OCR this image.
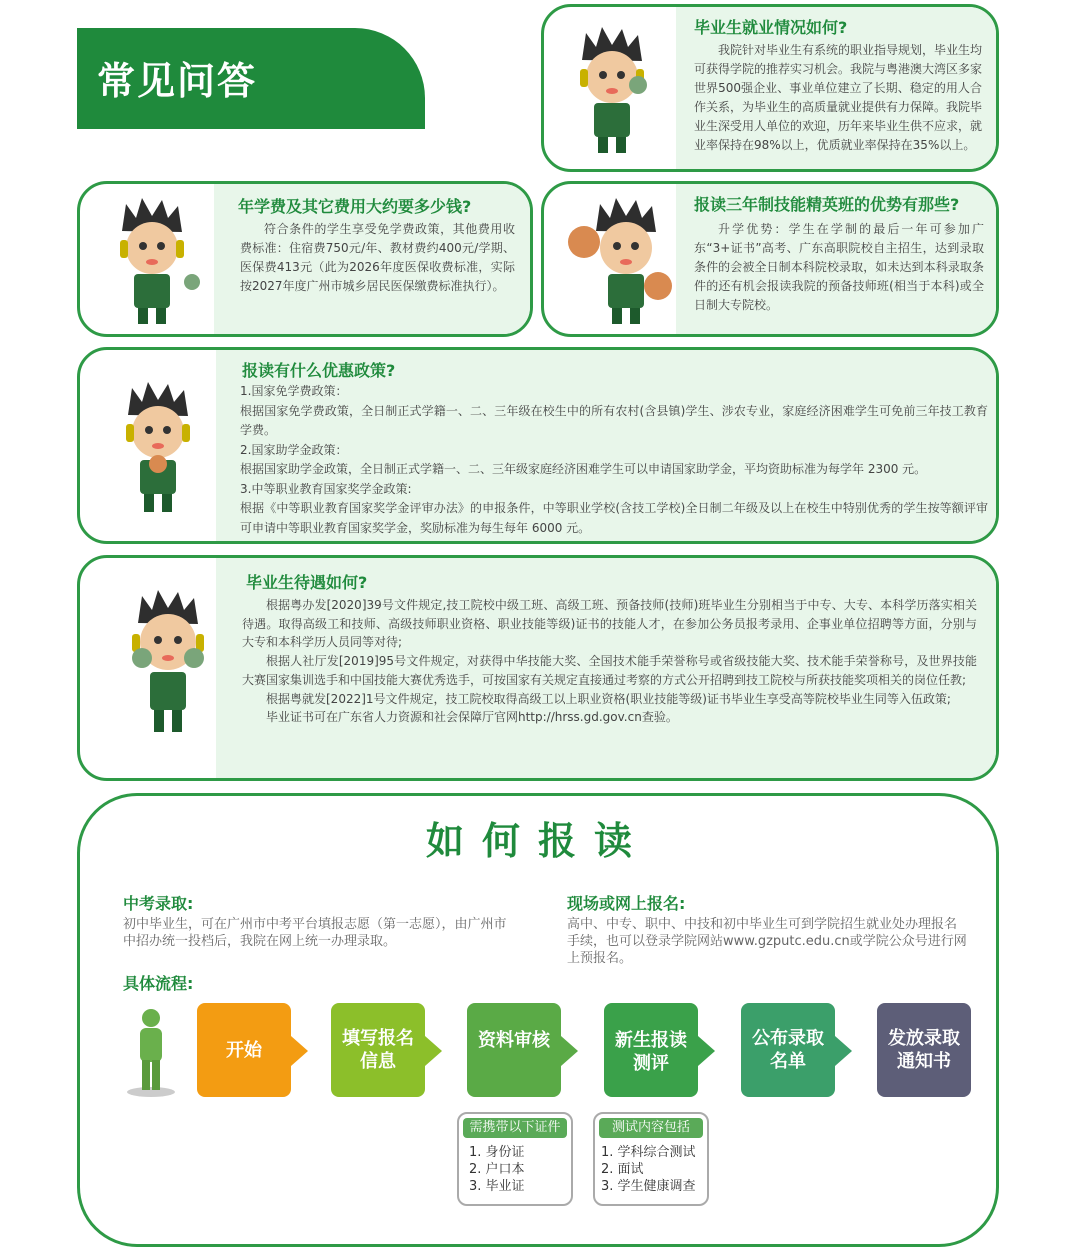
常见问答
毕业生就业情况如何?
我院针对毕业生有系统的职业指导规划，毕业生均可获得学院的推荐实习机会。我院与粤港澳大湾区多家世界500强企业、事业单位建立了长期、稳定的用人合作关系，为毕业生的高质量就业提供有力保障。我院毕业生深受用人单位的欢迎，历年来毕业生供不应求，就业率保持在98%以上，优质就业率保持在35%以上。
年学费及其它费用大约要多少钱?
符合条件的学生享受免学费政策，其他费用收费标准：住宿费750元/年、教材费约400元/学期、医保费413元（此为2026年度医保收费标准，实际按2027年度广州市城乡居民医保缴费标准执行）。
报读三年制技能精英班的优势有那些?
升学优势：学生在学制的最后一年可参加广东“3+证书”高考、广东高职院校自主招生，达到录取条件的会被全日制本科院校录取，如未达到本科录取条件的还有机会报读我院的预备技师班(相当于本科)或全日制大专院校。
报读有什么优惠政策?

1.国家免学费政策：

根据国家免学费政策，全日制正式学籍一、二、三年级在校生中的所有农村(含县镇)学生、涉农专业，家庭经济困难学生可免前三年技工教育学费。

2.国家助学金政策：

根据国家助学金政策，全日制正式学籍一、二、三年级家庭经济困难学生可以申请国家助学金，平均资助标准为每学年 2300 元。

3.中等职业教育国家奖学金政策:

根据《中等职业教育国家奖学金评审办法》的申报条件，中等职业学校(含技工学校)全日制二年级及以上在校生中特别优秀的学生按等额评审可申请中等职业教育国家奖学金，奖励标准为每生每年 6000 元。

毕业生待遇如何?

根据粤办发[2020]39号文件规定,技工院校中级工班、高级工班、预备技师(技师)班毕业生分别相当于中专、大专、本科学历落实相关待遇。取得高级工和技师、高级技师职业资格、职业技能等级)证书的技能人才，在参加公务员报考录用、企事业单位招聘等方面，分别与大专和本科学历人员同等对待;

根据人社厅发[2019]95号文件规定，对获得中华技能大奖、全国技术能手荣誉称号或省级技能大奖、技术能手荣誉称号，及世界技能大赛国家集训选手和中国技能大赛优秀选手，可按国家有关规定直接通过考察的方式公开招聘到技工院校与所获技能奖项相关的岗位任教;

根据粤就发[2022]1号文件规定，技工院校取得高级工以上职业资格(职业技能等级)证书毕业生享受高等院校毕业生同等入伍政策;

毕业证书可在广东省人力资源和社会保障厅官网http://hrss.gd.gov.cn查验。

如何报读
中考录取:
初中毕业生，可在广州市中考平台填报志愿（第一志愿），由广州市中招办统一投档后，我院在网上统一办理录取。
现场或网上报名:
高中、中专、职中、中技和初中毕业生可到学院招生就业处办理报名手续，也可以登录学院网站www.gzputc.edu.cn或学院公众号进行网上预报名。
具体流程:
开始
填写报名
信息
资料审核	新生报读
测评
公布录取
名单
发放录取
通知书
需携带以下证件
1. 身份证
2. 户口本
3. 毕业证
测试内容包括
1. 学科综合测试
2. 面试
3. 学生健康调查
